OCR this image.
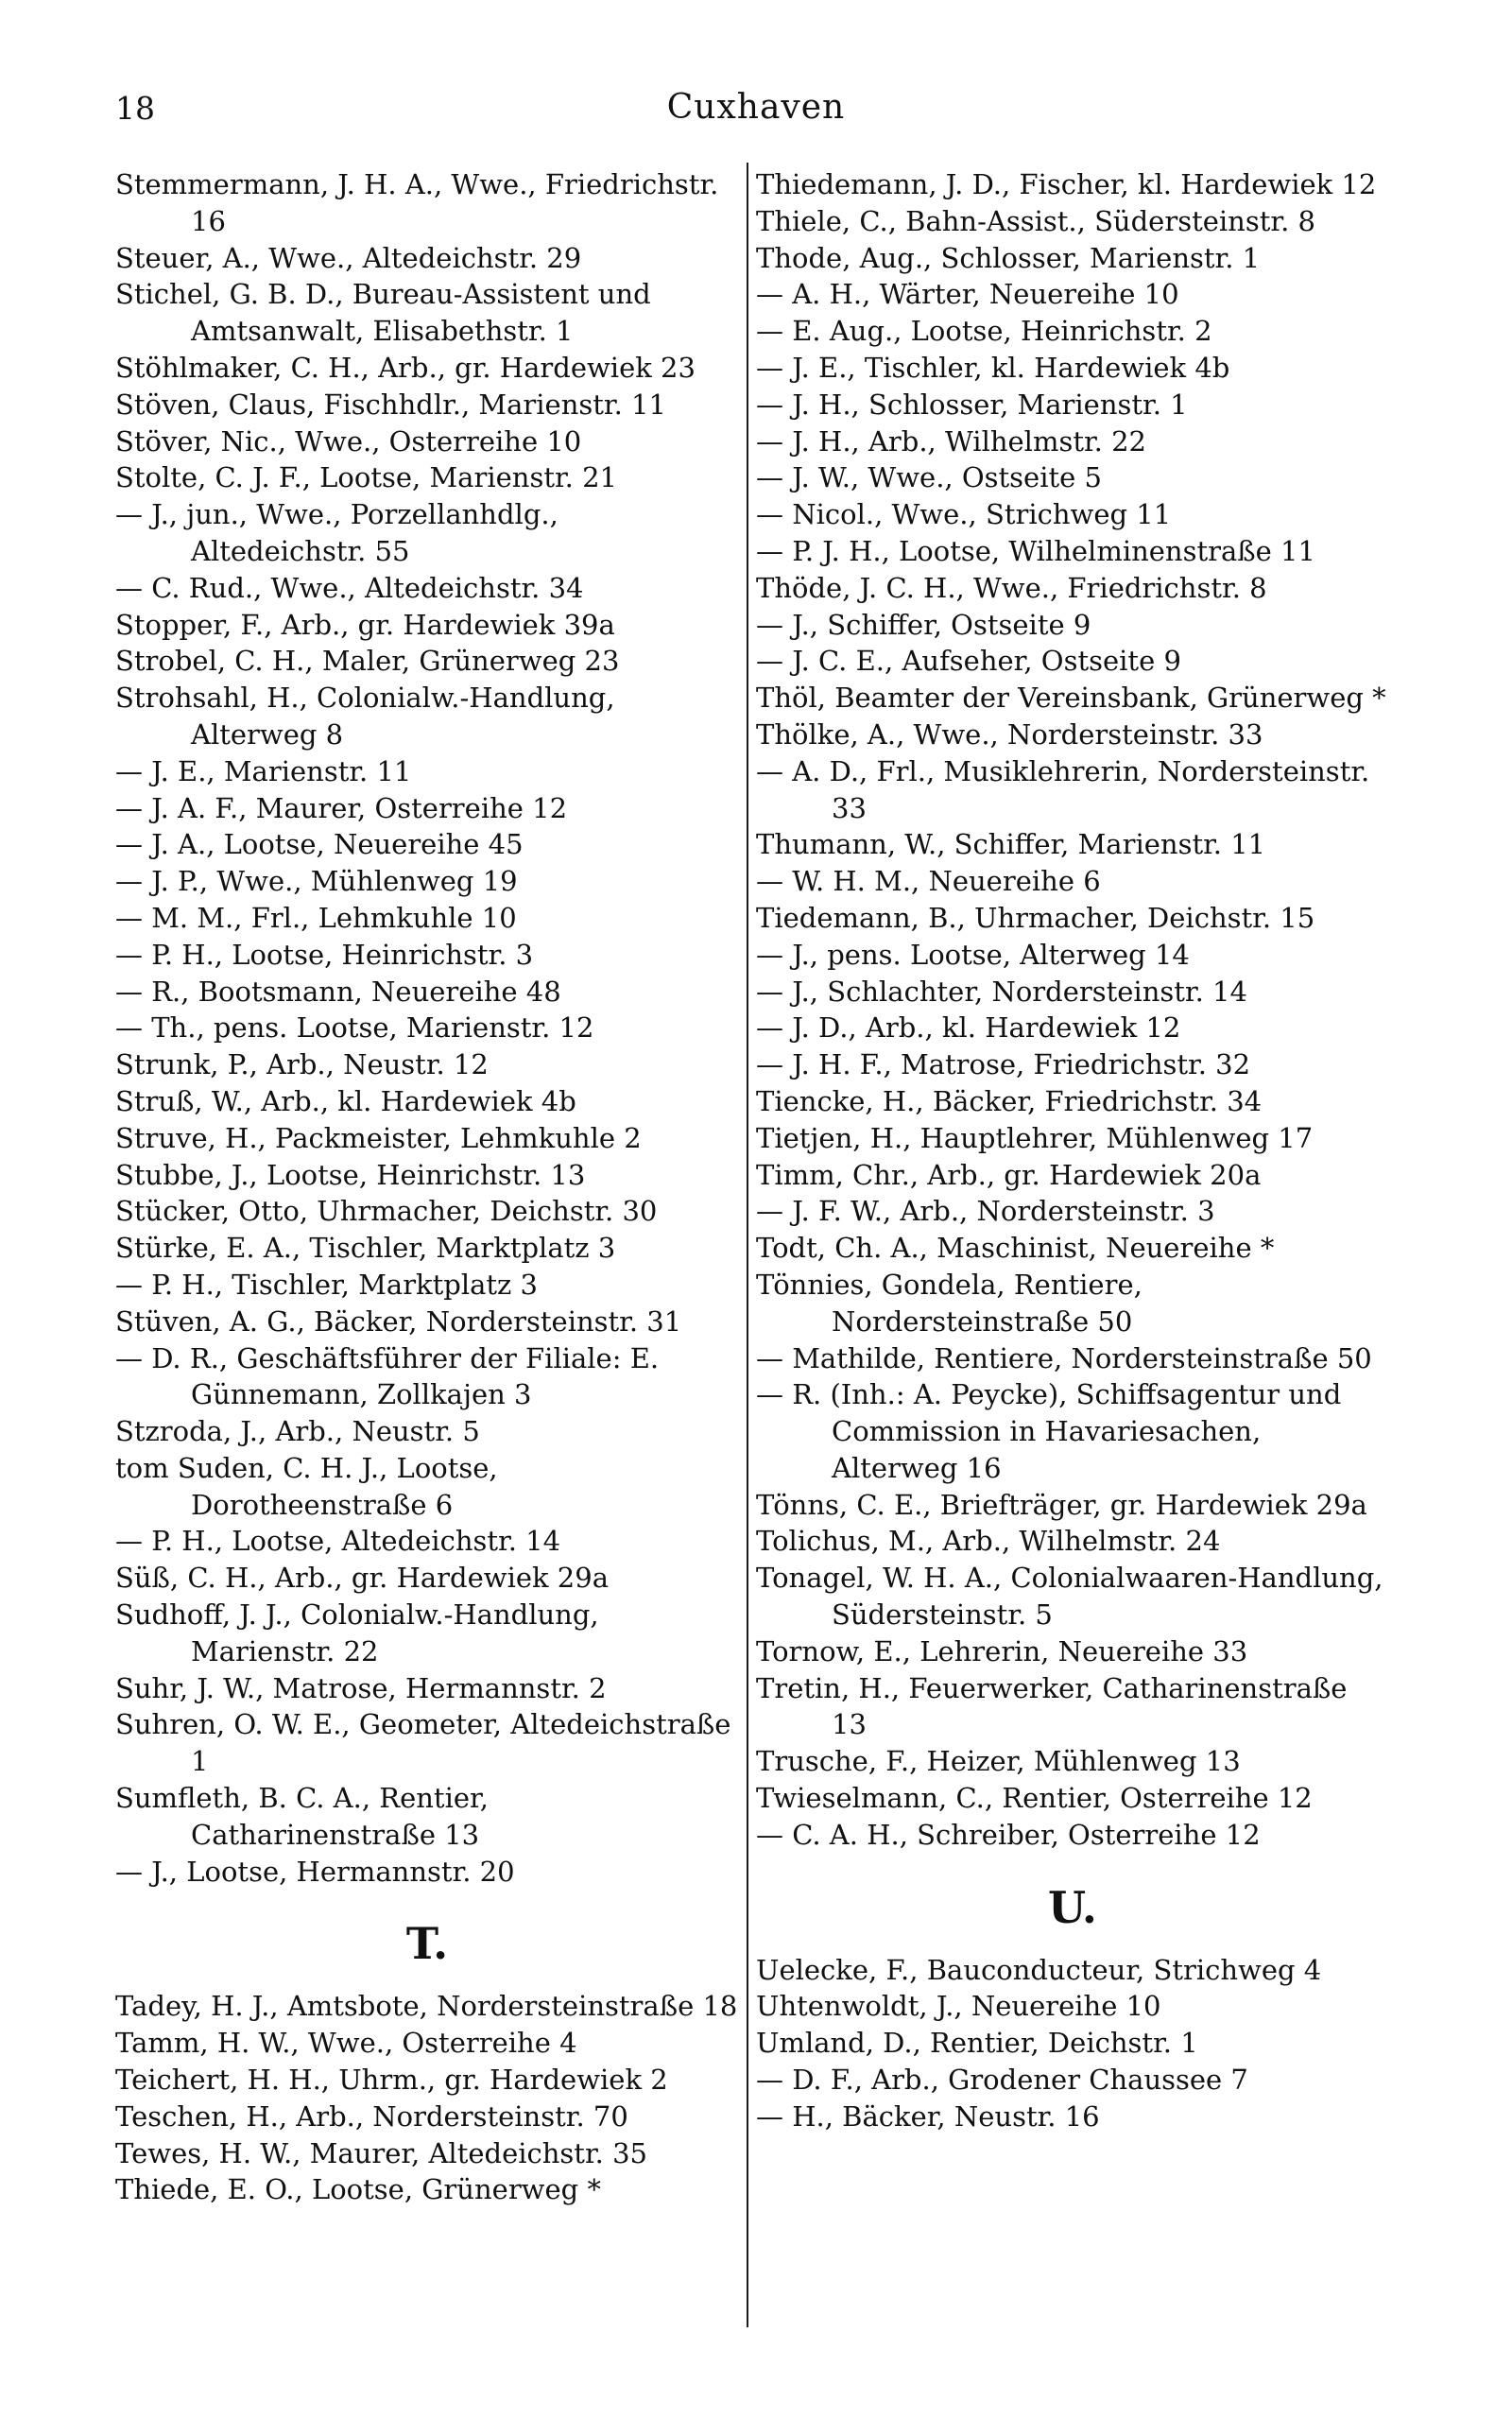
18	Cuxhaven

Stemmermann, J. H. A., Wwe., Friedrichstr. 16

Steuer, A., Wwe., Altedeichstr. 29

Stichel, G. B. D., Bureau-Assistent und Amtsanwalt, Elisabethstr. 1

Stöhlmaker, C. H., Arb., gr. Hardewiek 23

Stöven, Claus, Fischhdlr., Marienstr. 11

Stöver, Nic., Wwe., Osterreihe 10

Stolte, C. J. F., Lootse, Marienstr. 21

— J., jun., Wwe., Porzellanhdlg., Altedeichstr. 55

— C. Rud., Wwe., Altedeichstr. 34

Stopper, F., Arb., gr. Hardewiek 39a

Strobel, C. H., Maler, Grünerweg 23

Strohsahl, H., Colonialw.-Handlung, Alterweg 8

— J. E., Marienstr. 11

— J. A. F., Maurer, Osterreihe 12

— J. A., Lootse, Neuereihe 45

— J. P., Wwe., Mühlenweg 19

— M. M., Frl., Lehmkuhle 10

— P. H., Lootse, Heinrichstr. 3

— R., Bootsmann, Neuereihe 48

— Th., pens. Lootse, Marienstr. 12

Strunk, P., Arb., Neustr. 12

Struß, W., Arb., kl. Hardewiek 4b

Struve, H., Packmeister, Lehmkuhle 2

Stubbe, J., Lootse, Heinrichstr. 13

Stücker, Otto, Uhrmacher, Deichstr. 30

Stürke, E. A., Tischler, Marktplatz 3

— P. H., Tischler, Marktplatz 3

Stüven, A. G., Bäcker, Nordersteinstr. 31

— D. R., Geschäftsführer der Filiale: E. Günnemann, Zollkajen 3

Stzroda, J., Arb., Neustr. 5

tom Suden, C. H. J., Lootse, Dorotheenstraße 6

— P. H., Lootse, Altedeichstr. 14

Süß, C. H., Arb., gr. Hardewiek 29a

Sudhoff, J. J., Colonialw.-Handlung, Marienstr. 22

Suhr, J. W., Matrose, Hermannstr. 2

Suhren, O. W. E., Geometer, Altedeichstraße 1

Sumfleth, B. C. A., Rentier, Catharinenstraße 13

— J., Lootse, Hermannstr. 20

T.

Tadey, H. J., Amtsbote, Nordersteinstraße 18

Tamm, H. W., Wwe., Osterreihe 4

Teichert, H. H., Uhrm., gr. Hardewiek 2

Teschen, H., Arb., Nordersteinstr. 70

Tewes, H. W., Maurer, Altedeichstr. 35

Thiede, E. O., Lootse, Grünerweg *

Thiedemann, J. D., Fischer, kl. Hardewiek 12

Thiele, C., Bahn-Assist., Südersteinstr. 8

Thode, Aug., Schlosser, Marienstr. 1

— A. H., Wärter, Neuereihe 10

— E. Aug., Lootse, Heinrichstr. 2

— J. E., Tischler, kl. Hardewiek 4b

— J. H., Schlosser, Marienstr. 1

— J. H., Arb., Wilhelmstr. 22

— J. W., Wwe., Ostseite 5

— Nicol., Wwe., Strichweg 11

— P. J. H., Lootse, Wilhelminenstraße 11

Thöde, J. C. H., Wwe., Friedrichstr. 8

— J., Schiffer, Ostseite 9

— J. C. E., Aufseher, Ostseite 9

Thöl, Beamter der Vereinsbank, Grünerweg *

Thölke, A., Wwe., Nordersteinstr. 33

— A. D., Frl., Musiklehrerin, Nordersteinstr. 33

Thumann, W., Schiffer, Marienstr. 11

— W. H. M., Neuereihe 6

Tiedemann, B., Uhrmacher, Deichstr. 15

— J., pens. Lootse, Alterweg 14

— J., Schlachter, Nordersteinstr. 14

— J. D., Arb., kl. Hardewiek 12

— J. H. F., Matrose, Friedrichstr. 32

Tiencke, H., Bäcker, Friedrichstr. 34

Tietjen, H., Hauptlehrer, Mühlenweg 17

Timm, Chr., Arb., gr. Hardewiek 20a

— J. F. W., Arb., Nordersteinstr. 3

Todt, Ch. A., Maschinist, Neuereihe *

Tönnies, Gondela, Rentiere, Nordersteinstraße 50

— Mathilde, Rentiere, Nordersteinstraße 50

— R. (Inh.: A. Peycke), Schiffsagentur und Commission in Havariesachen, Alterweg 16

Tönns, C. E., Briefträger, gr. Hardewiek 29a

Tolichus, M., Arb., Wilhelmstr. 24

Tonagel, W. H. A., Colonialwaaren-Handlung, Südersteinstr. 5

Tornow, E., Lehrerin, Neuereihe 33

Tretin, H., Feuerwerker, Catharinenstraße 13

Trusche, F., Heizer, Mühlenweg 13

Twieselmann, C., Rentier, Osterreihe 12

— C. A. H., Schreiber, Osterreihe 12

U.

Uelecke, F., Bauconducteur, Strichweg 4

Uhtenwoldt, J., Neuereihe 10

Umland, D., Rentier, Deichstr. 1

— D. F., Arb., Grodener Chaussee 7

— H., Bäcker, Neustr. 16
